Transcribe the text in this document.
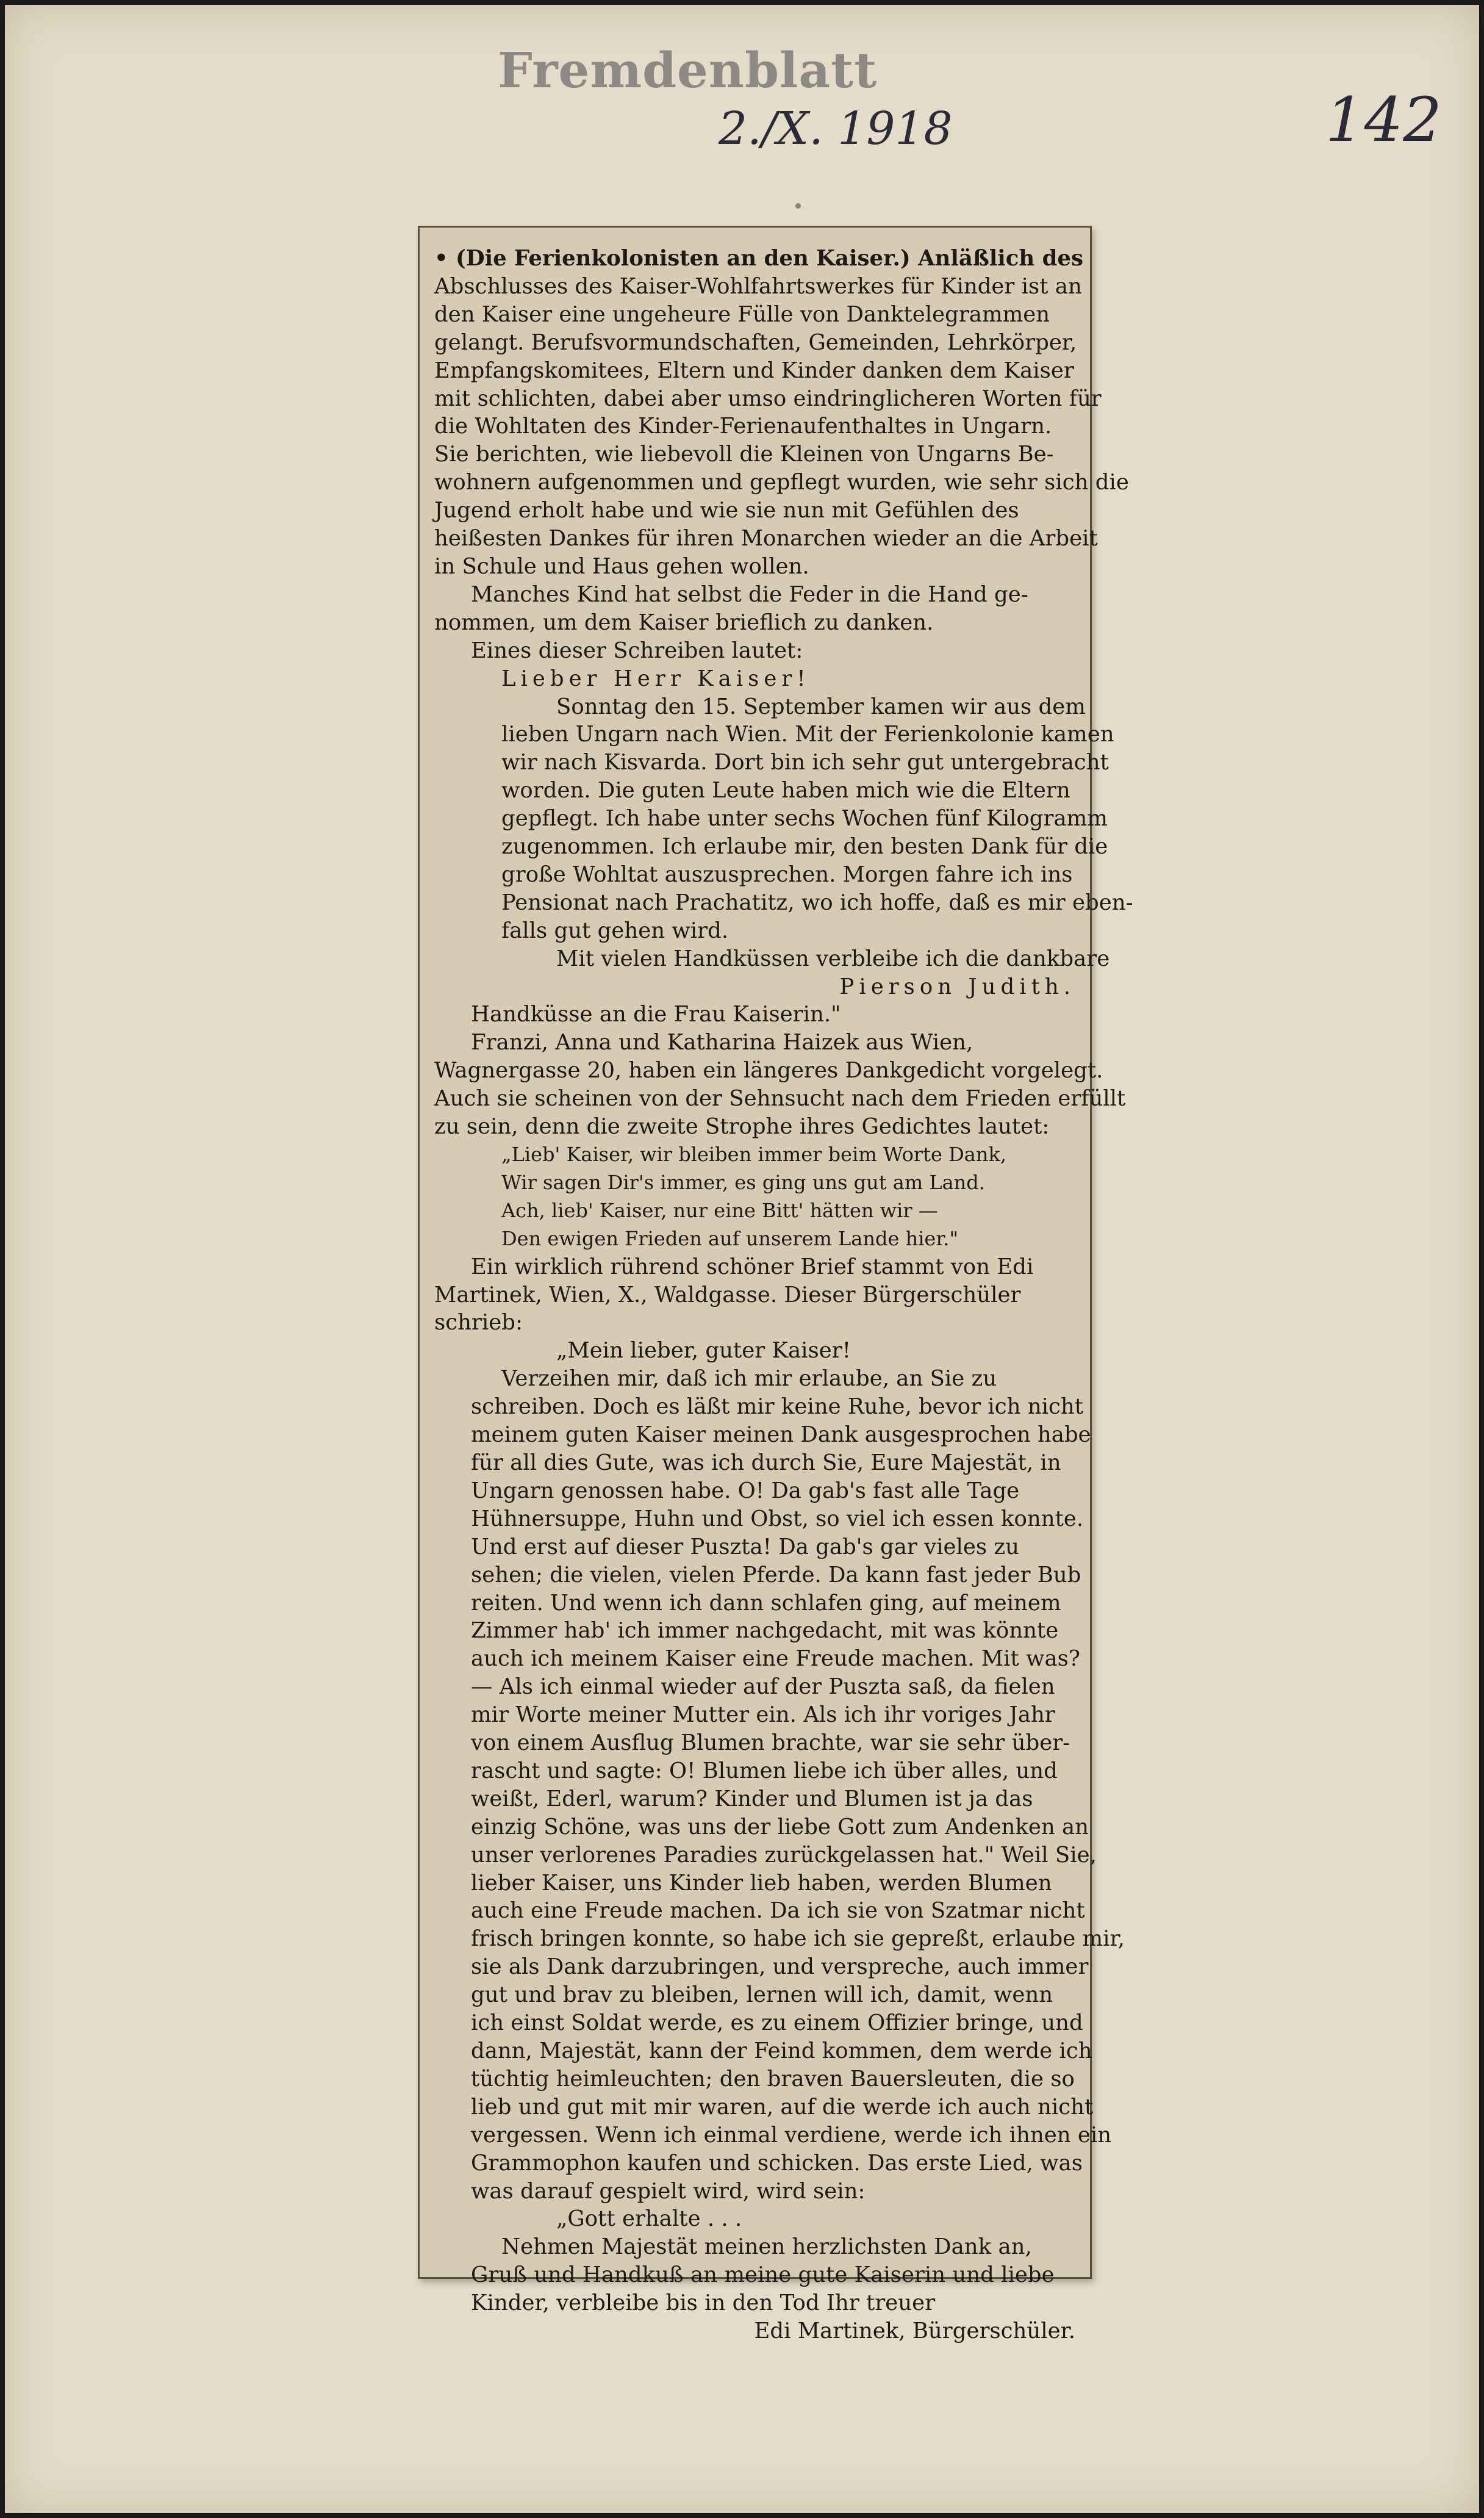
Fremdenblatt
2./X. 1918	142
• (Die Ferienkolonisten an den Kaiser.) Anläßlich des
Abschlusses des Kaiser-Wohlfahrtswerkes für Kinder ist an
den Kaiser eine ungeheure Fülle von Danktelegrammen
gelangt. Berufsvormundschaften, Gemeinden, Lehrkörper,
Empfangskomitees, Eltern und Kinder danken dem Kaiser
mit schlichten, dabei aber umso eindringlicheren Worten für
die Wohltaten des Kinder-Ferienaufenthaltes in Ungarn.
Sie berichten, wie liebevoll die Kleinen von Ungarns Be-
wohnern aufgenommen und gepflegt wurden, wie sehr sich die
Jugend erholt habe und wie sie nun mit Gefühlen des
heißesten Dankes für ihren Monarchen wieder an die Arbeit
in Schule und Haus gehen wollen.
Manches Kind hat selbst die Feder in die Hand ge-
nommen, um dem Kaiser brieflich zu danken.
Eines dieser Schreiben lautet:
Lieber Herr Kaiser!
Sonntag den 15. September kamen wir aus dem
lieben Ungarn nach Wien. Mit der Ferienkolonie kamen
wir nach Kisvarda. Dort bin ich sehr gut untergebracht
worden. Die guten Leute haben mich wie die Eltern
gepflegt. Ich habe unter sechs Wochen fünf Kilogramm
zugenommen. Ich erlaube mir, den besten Dank für die
große Wohltat auszusprechen. Morgen fahre ich ins
Pensionat nach Prachatitz, wo ich hoffe, daß es mir eben-
falls gut gehen wird.
Mit vielen Handküssen verbleibe ich die dankbare
Pierson Judith.
Handküsse an die Frau Kaiserin."
Franzi, Anna und Katharina Haizek aus Wien,
Wagnergasse 20, haben ein längeres Dankgedicht vorgelegt.
Auch sie scheinen von der Sehnsucht nach dem Frieden erfüllt
zu sein, denn die zweite Strophe ihres Gedichtes lautet:
„Lieb' Kaiser, wir bleiben immer beim Worte Dank,
Wir sagen Dir's immer, es ging uns gut am Land.
Ach, lieb' Kaiser, nur eine Bitt' hätten wir —
Den ewigen Frieden auf unserem Lande hier."
Ein wirklich rührend schöner Brief stammt von Edi
Martinek, Wien, X., Waldgasse. Dieser Bürgerschüler
schrieb:
„Mein lieber, guter Kaiser!
Verzeihen mir, daß ich mir erlaube, an Sie zu
schreiben. Doch es läßt mir keine Ruhe, bevor ich nicht
meinem guten Kaiser meinen Dank ausgesprochen habe
für all dies Gute, was ich durch Sie, Eure Majestät, in
Ungarn genossen habe. O! Da gab's fast alle Tage
Hühnersuppe, Huhn und Obst, so viel ich essen konnte.
Und erst auf dieser Puszta! Da gab's gar vieles zu
sehen; die vielen, vielen Pferde. Da kann fast jeder Bub
reiten. Und wenn ich dann schlafen ging, auf meinem
Zimmer hab' ich immer nachgedacht, mit was könnte
auch ich meinem Kaiser eine Freude machen. Mit was?
— Als ich einmal wieder auf der Puszta saß, da fielen
mir Worte meiner Mutter ein. Als ich ihr voriges Jahr
von einem Ausflug Blumen brachte, war sie sehr über-
rascht und sagte: O! Blumen liebe ich über alles, und
weißt, Ederl, warum? Kinder und Blumen ist ja das
einzig Schöne, was uns der liebe Gott zum Andenken an
unser verlorenes Paradies zurückgelassen hat." Weil Sie,
lieber Kaiser, uns Kinder lieb haben, werden Blumen
auch eine Freude machen. Da ich sie von Szatmar nicht
frisch bringen konnte, so habe ich sie gepreßt, erlaube mir,
sie als Dank darzubringen, und verspreche, auch immer
gut und brav zu bleiben, lernen will ich, damit, wenn
ich einst Soldat werde, es zu einem Offizier bringe, und
dann, Majestät, kann der Feind kommen, dem werde ich
tüchtig heimleuchten; den braven Bauersleuten, die so
lieb und gut mit mir waren, auf die werde ich auch nicht
vergessen. Wenn ich einmal verdiene, werde ich ihnen ein
Grammophon kaufen und schicken. Das erste Lied, was
was darauf gespielt wird, wird sein:
„Gott erhalte . . .
Nehmen Majestät meinen herzlichsten Dank an,
Gruß und Handkuß an meine gute Kaiserin und liebe
Kinder, verbleibe bis in den Tod Ihr treuer
Edi Martinek, Bürgerschüler.
